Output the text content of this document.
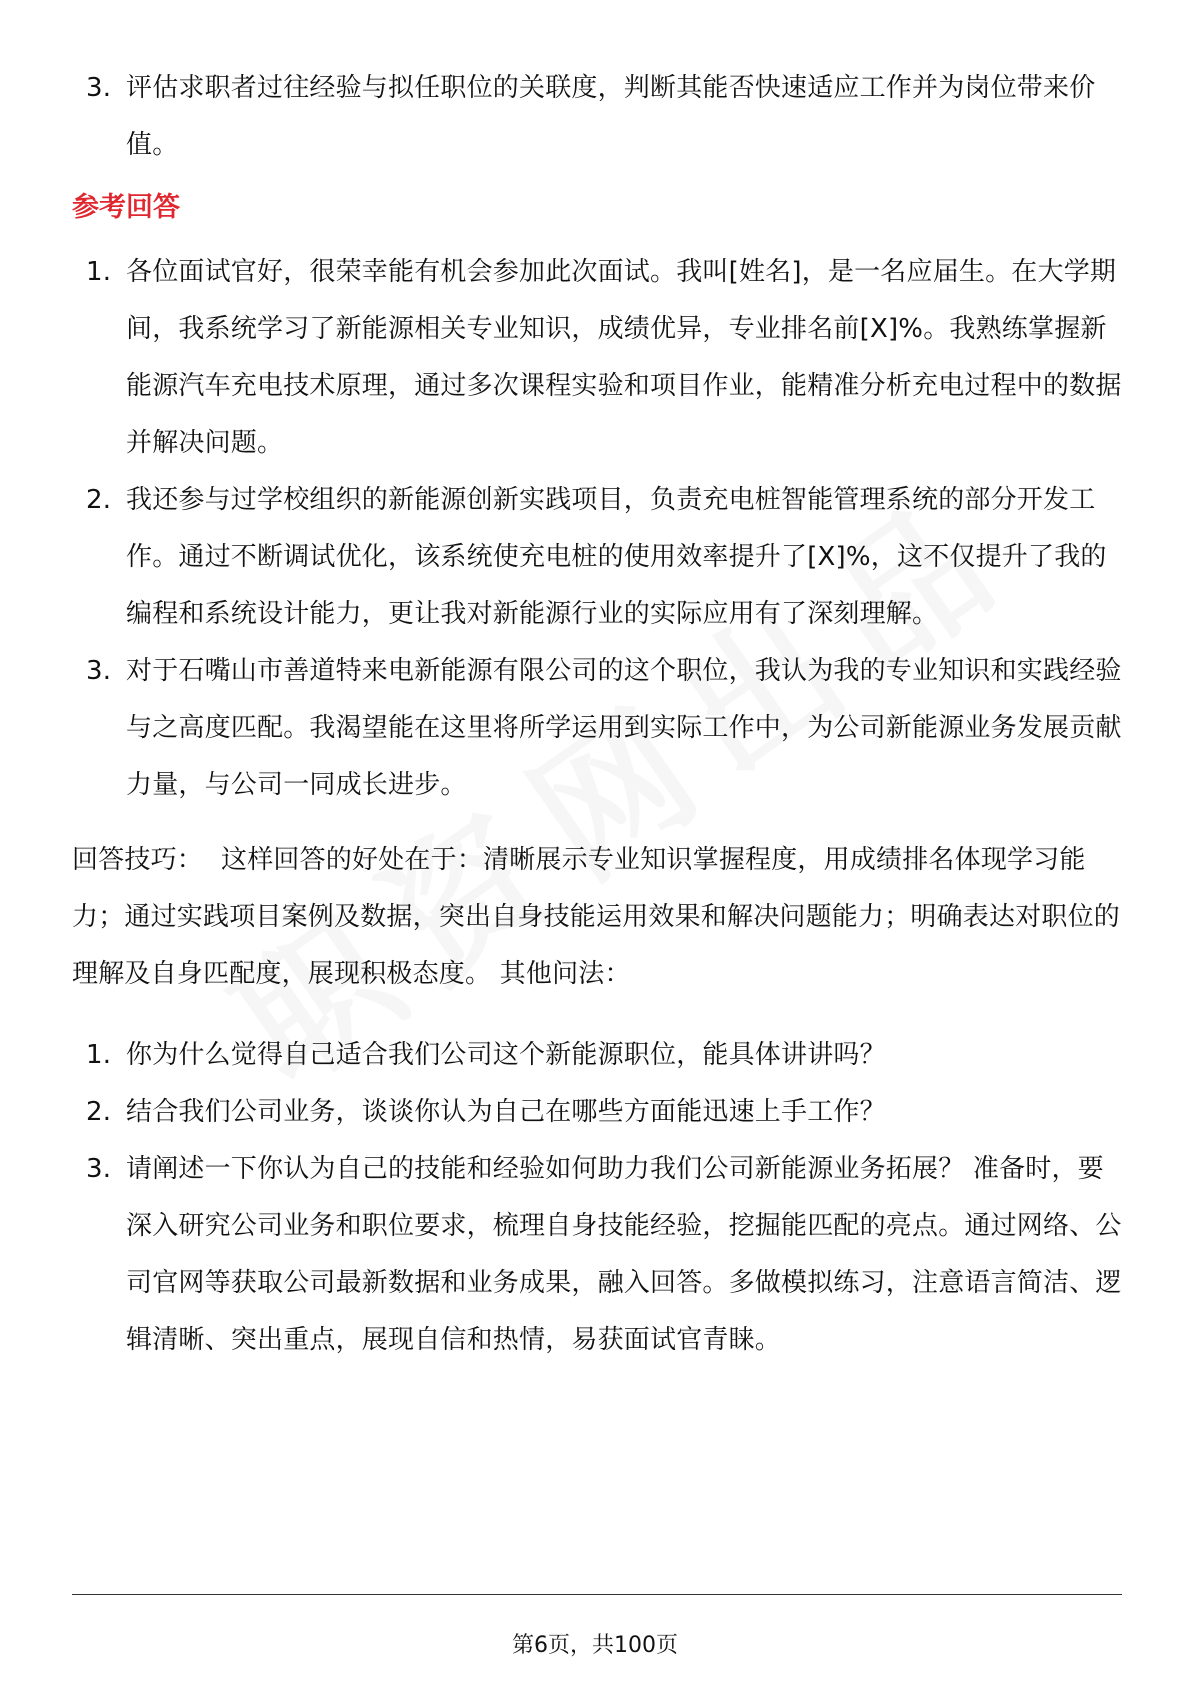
3. 评估求职者过往经验与拟任职位的关联度，判断其能否快速适应工作并为岗位带来价值。
参考回答
1. 各位面试官好，很荣幸能有机会参加此次面试。我叫[姓名]，是一名应届生。在大学期间，我系统学习了新能源相关专业知识，成绩优异，专业排名前[X]%。我熟练掌握新能源汽车充电技术原理，通过多次课程实验和项目作业，能精准分析充电过程中的数据并解决问题。
2. 我还参与过学校组织的新能源创新实践项目，负责充电桩智能管理系统的部分开发工作。通过不断调试优化，该系统使充电桩的使用效率提升了[X]%，这不仅提升了我的编程和系统设计能力，更让我对新能源行业的实际应用有了深刻理解。
3. 对于石嘴山市善道特来电新能源有限公司的这个职位，我认为我的专业知识和实践经验与之高度匹配。我渴望能在这里将所学运用到实际工作中，为公司新能源业务发展贡献力量，与公司一同成长进步。
回答技巧： 这样回答的好处在于：清晰展示专业知识掌握程度，用成绩排名体现学习能力；通过实践项目案例及数据，突出自身技能运用效果和解决问题能力；明确表达对职位的理解及自身匹配度，展现积极态度。 其他问法：
1. 你为什么觉得自己适合我们公司这个新能源职位，能具体讲讲吗？
2. 结合我们公司业务，谈谈你认为自己在哪些方面能迅速上手工作？
3. 请阐述一下你认为自己的技能和经验如何助力我们公司新能源业务拓展？ 准备时，要深入研究公司业务和职位要求，梳理自身技能经验，挖掘能匹配的亮点。通过网络、公司官网等获取公司最新数据和业务成果，融入回答。多做模拟练习，注意语言简洁、逻辑清晰、突出重点，展现自信和热情，易获面试官青睐。
第6页，共100页
